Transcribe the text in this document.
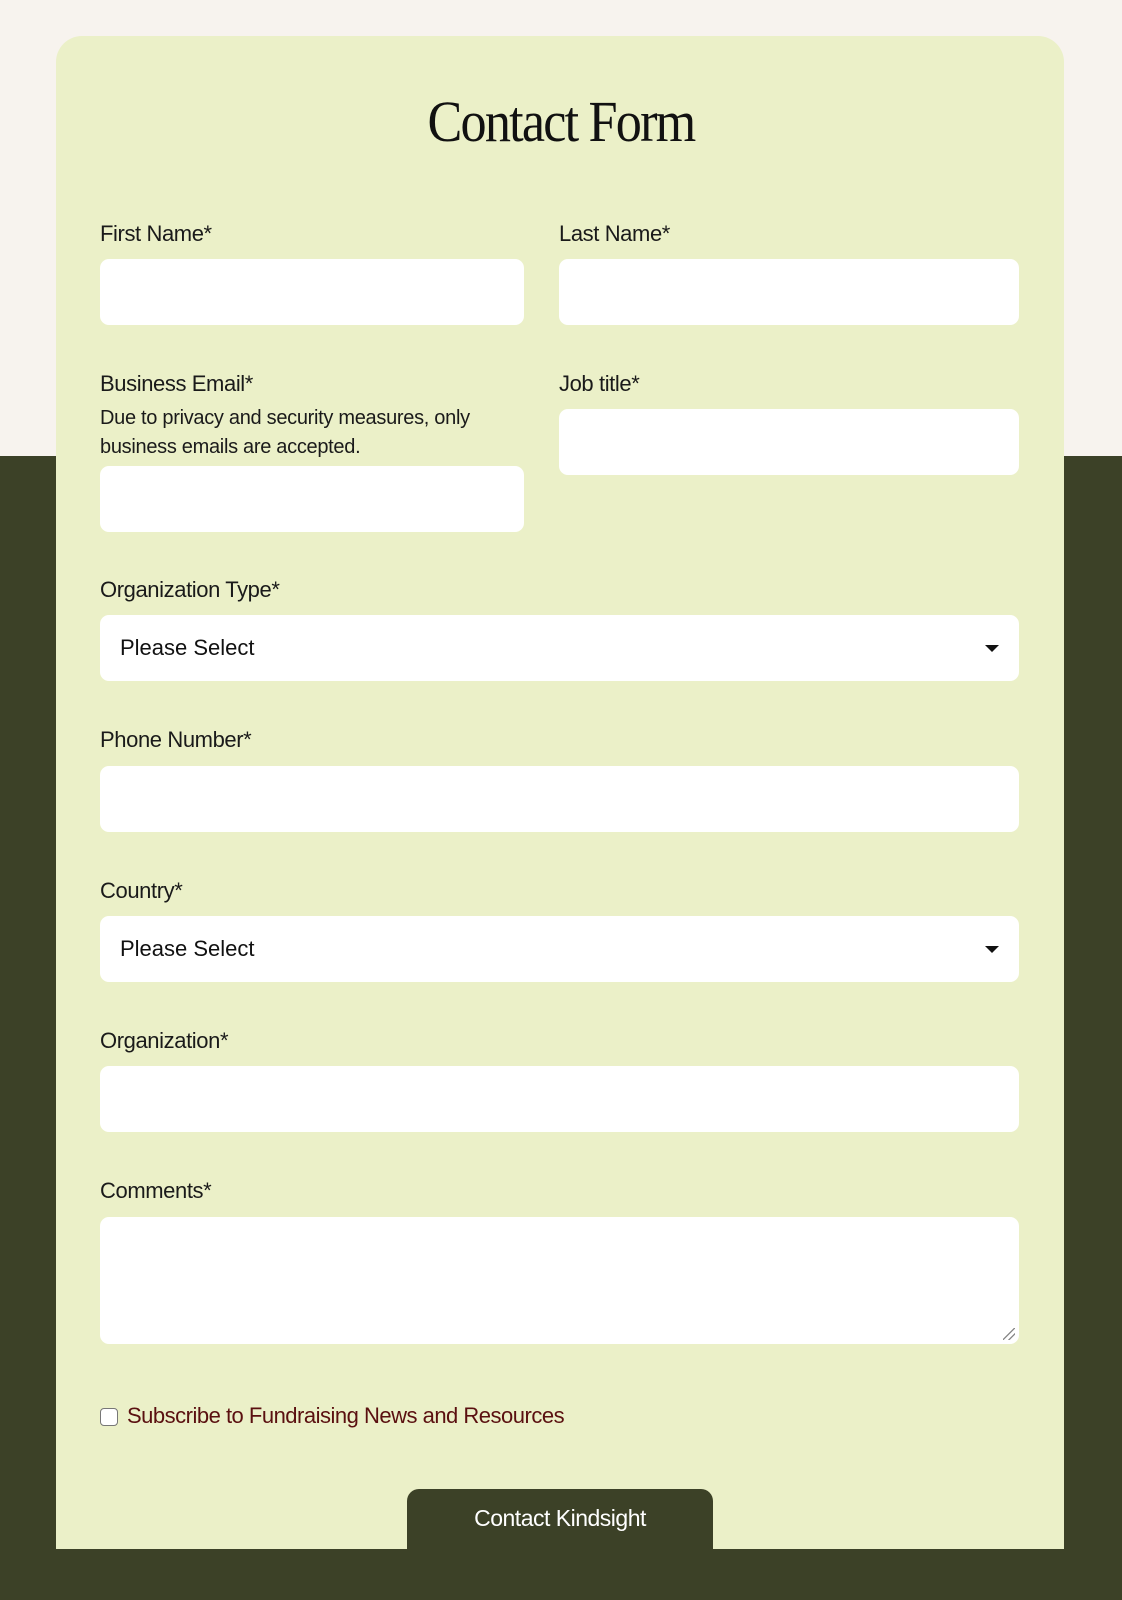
Contact Form
First Name*	Last Name*
Business Email*
Due to privacy and security measures, only
business emails are accepted.
Job title*
Organization Type*
Please Select
Phone Number*
Country*
Please Select
Organization*
Comments*
Subscribe to Fundraising News and Resources
Contact Kindsight
